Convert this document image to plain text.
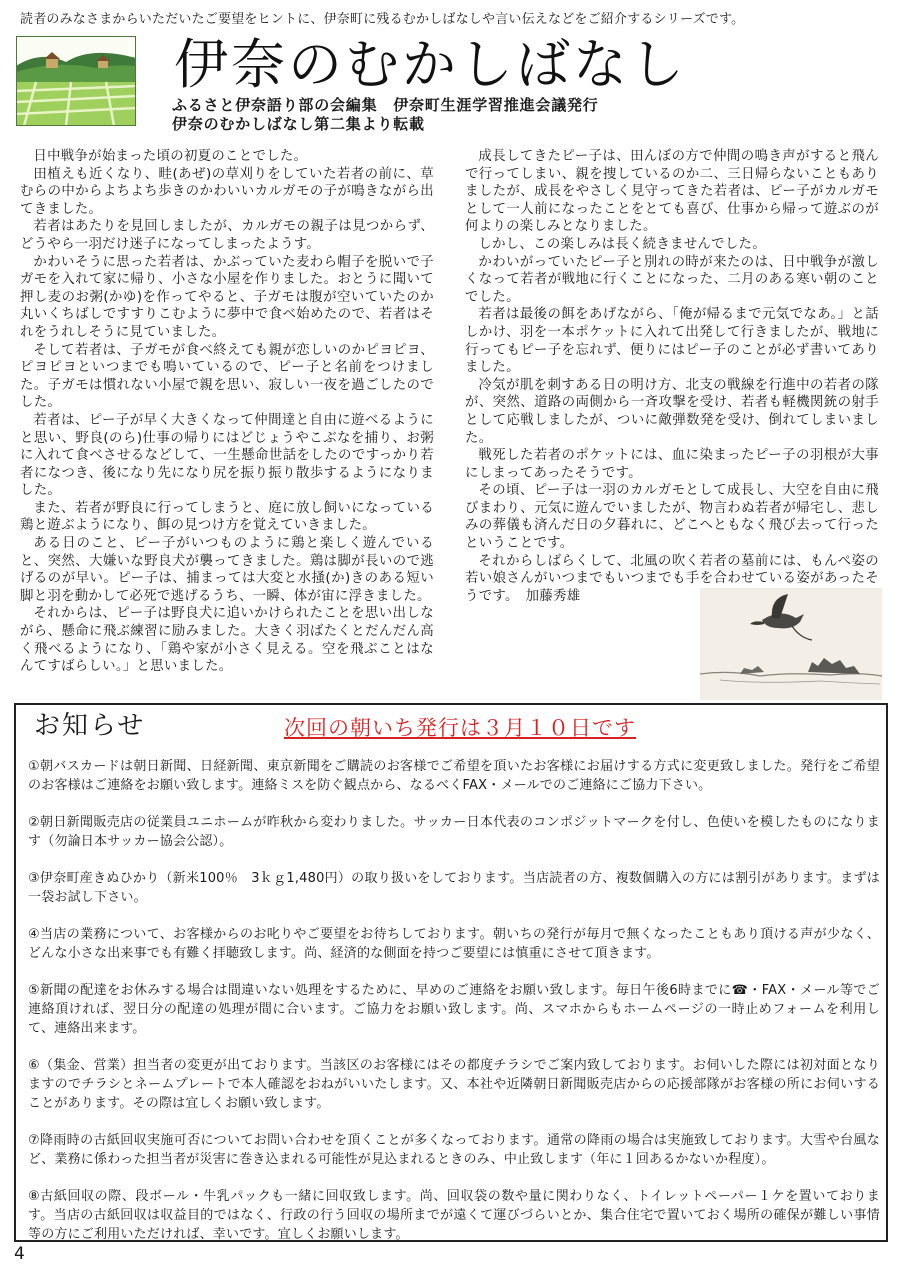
読者のみなさまからいただいたご要望をヒントに、伊奈町に残るむかしばなしや言い伝えなどをご紹介するシリーズです。
伊奈のむかしばなし
ふるさと伊奈語り部の会編集　伊奈町生涯学習推進会議発行
伊奈のむかしばなし第二集より転載

日中戦争が始まった頃の初夏のことでした。

田植えも近くなり、畦(あぜ)の草刈りをしていた若者の前に、草むらの中からよちよち歩きのかわいいカルガモの子が鳴きながら出てきました。

若者はあたりを見回しましたが、カルガモの親子は見つからず、どうやら一羽だけ迷子になってしまったようす。

かわいそうに思った若者は、かぶっていた麦わら帽子を脱いで子ガモを入れて家に帰り、小さな小屋を作りました。おとうに聞いて押し麦のお粥(かゆ)を作ってやると、子ガモは腹が空いていたのか丸いくちばしですすりこむように夢中で食べ始めたので、若者はそれをうれしそうに見ていました。

そして若者は、子ガモが食べ終えても親が恋しいのかピヨピヨ、ピヨピヨといつまでも鳴いているので、ピー子と名前をつけました。子ガモは慣れない小屋で親を思い、寂しい一夜を過ごしたのでした。

若者は、ピー子が早く大きくなって仲間達と自由に遊べるようにと思い、野良(のら)仕事の帰りにはどじょうやこぶなを捕り、お粥に入れて食べさせるなどして、一生懸命世話をしたのですっかり若者になつき、後になり先になり尻を振り振り散歩するようになりました。

また、若者が野良に行ってしまうと、庭に放し飼いになっている鶏と遊ぶようになり、餌の見つけ方を覚えていきました。

ある日のこと、ピー子がいつものように鶏と楽しく遊んでいると、突然、大嫌いな野良犬が襲ってきました。鶏は脚が長いので逃げるのが早い。ピー子は、捕まっては大変と水掻(か)きのある短い脚と羽を動かして必死で逃げるうち、一瞬、体が宙に浮きました。

それからは、ピー子は野良犬に追いかけられたことを思い出しながら、懸命に飛ぶ練習に励みました。大きく羽ばたくとだんだん高く飛べるようになり、「鶏や家が小さく見える。空を飛ぶことはなんてすばらしい。」と思いました。

成長してきたピー子は、田んぼの方で仲間の鳴き声がすると飛んで行ってしまい、親を捜しているのか二、三日帰らないこともありましたが、成長をやさしく見守ってきた若者は、ピー子がカルガモとして一人前になったことをとても喜び、仕事から帰って遊ぶのが何よりの楽しみとなりました。

しかし、この楽しみは長く続きませんでした。

かわいがっていたピー子と別れの時が来たのは、日中戦争が激しくなって若者が戦地に行くことになった、二月のある寒い朝のことでした。

若者は最後の餌をあげながら、「俺が帰るまで元気でなあ。」と話しかけ、羽を一本ポケットに入れて出発して行きましたが、戦地に行ってもピー子を忘れず、便りにはピー子のことが必ず書いてありました。

冷気が肌を刺すある日の明け方、北支の戦線を行進中の若者の隊が、突然、道路の両側から一斉攻撃を受け、若者も軽機関銃の射手として応戦しましたが、ついに敵弾数発を受け、倒れてしまいました。

戦死した若者のポケットには、血に染まったピー子の羽根が大事にしまってあったそうです。

その頃、ピー子は一羽のカルガモとして成長し、大空を自由に飛びまわり、元気に遊んでいましたが、物言わぬ若者が帰宅し、悲しみの葬儀も済んだ日の夕暮れに、どこへともなく飛び去って行ったということです。

それからしばらくして、北風の吹く若者の墓前には、もんぺ姿の若い娘さんがいつまでもいつまでも手を合わせている姿があったそうです。　加藤秀雄

お知らせ	次回の朝いち発行は３月１０日です

①朝バスカードは朝日新聞、日経新聞、東京新聞をご購読のお客様でご希望を頂いたお客様にお届けする方式に変更致しました。発行をご希望のお客様はご連絡をお願い致します。連絡ミスを防ぐ観点から、なるべくFAX・メールでのご連絡にご協力下さい。

②朝日新聞販売店の従業員ユニホームが昨秋から変わりました。サッカー日本代表のコンポジットマークを付し、色使いを模したものになります（勿論日本サッカー協会公認）。

③伊奈町産きぬひかり（新米100％　3ｋｇ1,480円）の取り扱いをしております。当店読者の方、複数個購入の方には割引があります。まずは一袋お試し下さい。

④当店の業務について、お客様からのお叱りやご要望をお待ちしております。朝いちの発行が毎月で無くなったこともあり頂ける声が少なく、どんな小さな出来事でも有難く拝聴致します。尚、経済的な側面を持つご要望には慎重にさせて頂きます。

⑤新聞の配達をお休みする場合は間違いない処理をするために、早めのご連絡をお願い致します。毎日午後6時までに☎・FAX・メール等でご連絡頂ければ、翌日分の配達の処理が間に合います。ご協力をお願い致します。尚、スマホからもホームページの一時止めフォームを利用して、連絡出来ます。

⑥（集金、営業）担当者の変更が出ております。当該区のお客様にはその都度チラシでご案内致しております。お伺いした際には初対面となりますのでチラシとネームプレートで本人確認をおねがいいたします。又、本社や近隣朝日新聞販売店からの応援部隊がお客様の所にお伺いすることがあります。その際は宜しくお願い致します。

⑦降雨時の古紙回収実施可否についてお問い合わせを頂くことが多くなっております。通常の降雨の場合は実施致しております。大雪や台風など、業務に係わった担当者が災害に巻き込まれる可能性が見込まれるときのみ、中止致します（年に１回あるかないか程度）。

⑧古紙回収の際、段ボール・牛乳パックも一緒に回収致します。尚、回収袋の数や量に関わりなく、トイレットペーパー１ケを置いております。当店の古紙回収は収益目的ではなく、行政の行う回収の場所までが遠くて運びづらいとか、集合住宅で置いておく場所の確保が難しい事情等の方にご利用いただければ、幸いです。宜しくお願いします。

4
